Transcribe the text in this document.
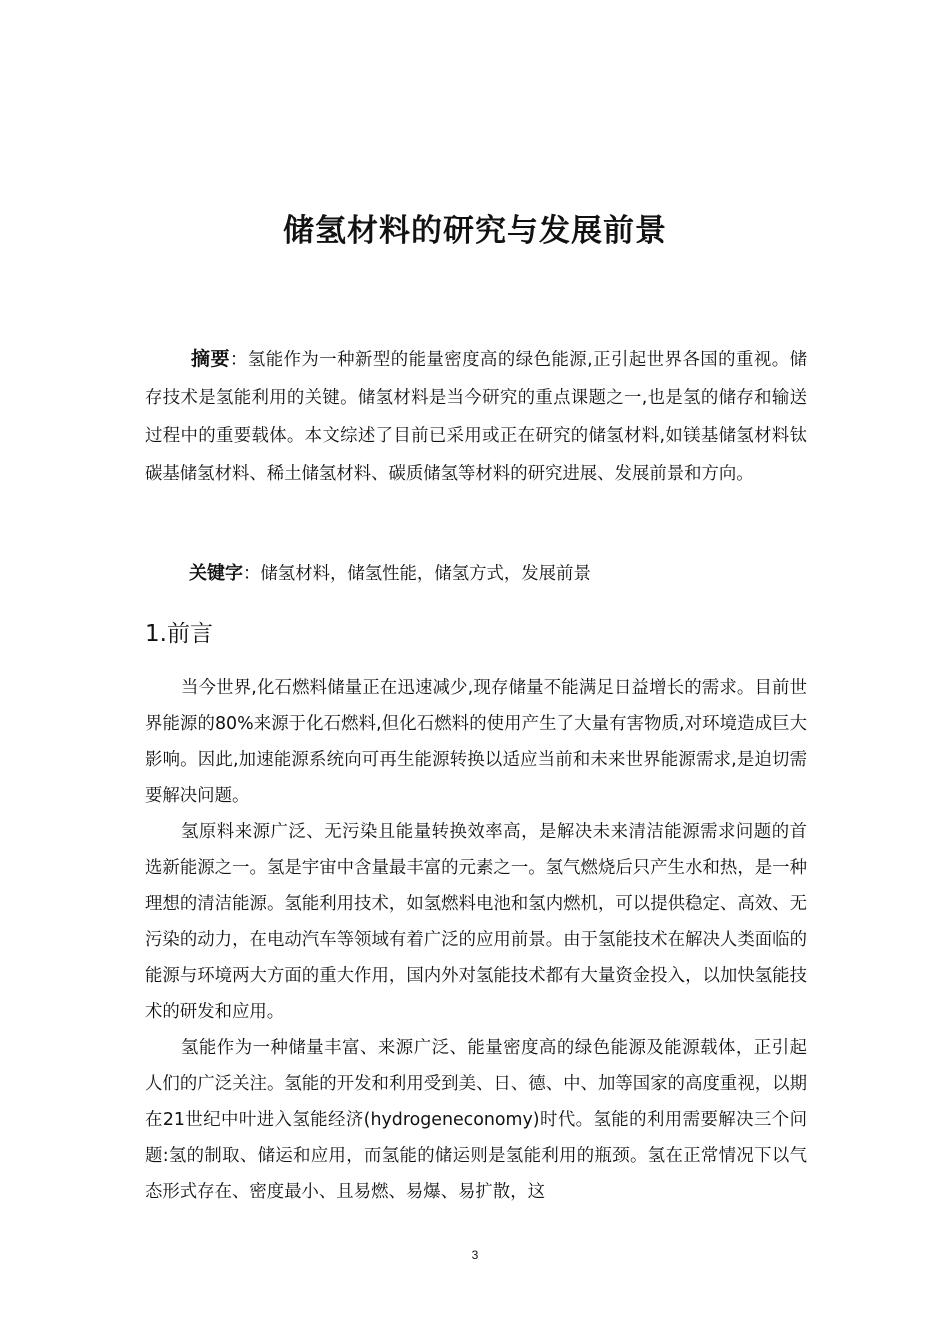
储氢材料的研究与发展前景

摘要：氢能作为一种新型的能量密度高的绿色能源,正引起世界各国的重视。储存技术是氢能利用的关键。储氢材料是当今研究的重点课题之一,也是氢的储存和输送过程中的重要载体。本文综述了目前已采用或正在研究的储氢材料,如镁基储氢材料钛碳基储氢材料、稀土储氢材料、碳质储氢等材料的研究进展、发展前景和方向。

关键字：储氢材料，储氢性能，储氢方式，发展前景

1.前言

当今世界,化石燃料储量正在迅速减少,现存储量不能满足日益增长的需求。目前世界能源的80%来源于化石燃料,但化石燃料的使用产生了大量有害物质,对环境造成巨大影响。因此,加速能源系统向可再生能源转换以适应当前和未来世界能源需求,是迫切需要解决问题。

氢原料来源广泛、无污染且能量转换效率高，是解决未来清洁能源需求问题的首选新能源之一。氢是宇宙中含量最丰富的元素之一。氢气燃烧后只产生水和热，是一种理想的清洁能源。氢能利用技术，如氢燃料电池和氢内燃机，可以提供稳定、高效、无污染的动力，在电动汽车等领域有着广泛的应用前景。由于氢能技术在解决人类面临的能源与环境两大方面的重大作用，国内外对氢能技术都有大量资金投入，以加快氢能技术的研发和应用。

氢能作为一种储量丰富、来源广泛、能量密度高的绿色能源及能源载体，正引起人们的广泛关注。氢能的开发和利用受到美、日、德、中、加等国家的高度重视，以期在21世纪中叶进入氢能经济(hydrogeneconomy)时代。氢能的利用需要解决三个问题:氢的制取、储运和应用，而氢能的储运则是氢能利用的瓶颈。氢在正常情况下以气态形式存在、密度最小、且易燃、易爆、易扩散，这

3
